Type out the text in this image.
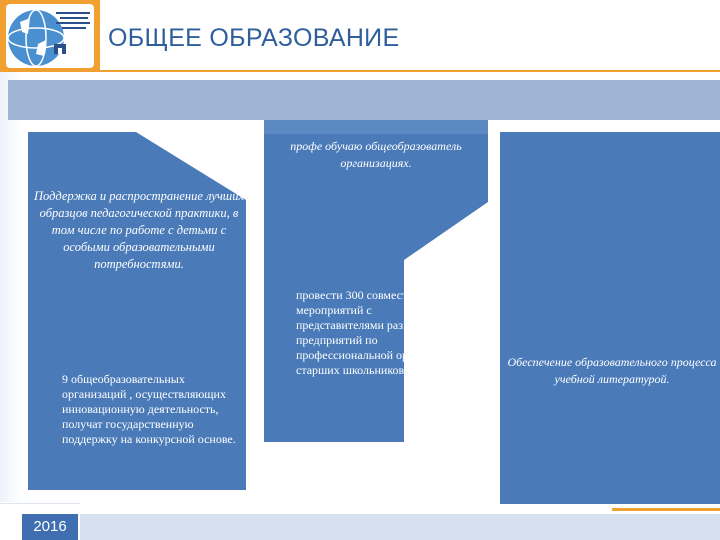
ОБЩЕЕ ОБРАЗОВАНИЕ
Поддержка и распространение лучших образцов педагогической практики, в том числе по работе с детьми с особыми образовательными потребностями.
9 общеобразовательных организаций , осуществляющих инновационную деятельность, получат государственную поддержку на конкурсной основе.
профе обучаю общеобразователь организациях.
провести 300 совместных мероприятий с представителями разных предприятий по профессиональной ориентации старших школьников.
Обеспечение образовательного процесса учебной литературой.
2016
